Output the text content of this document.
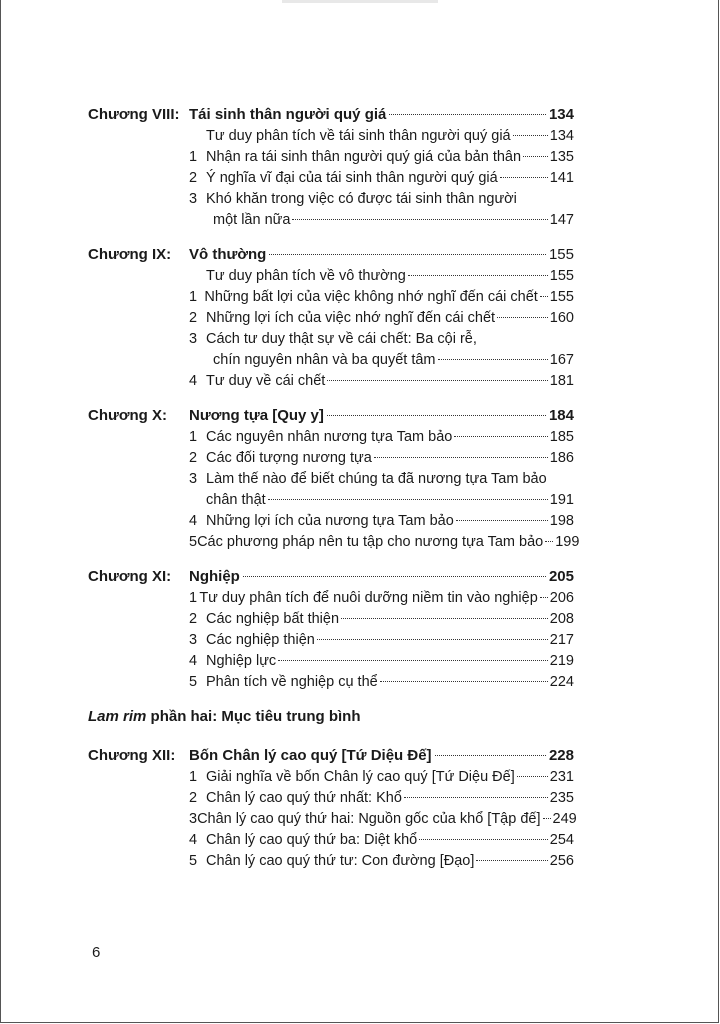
Chương VIII: Tái sinh thân người quý giá	134
Tư duy phân tích về tái sinh thân người quý giá	134
1 Nhận ra tái sinh thân người quý giá của bản thân 135
2 Ý nghĩa vĩ đại của tái sinh thân người quý giá	141
3 Khó khăn trong việc có được tái sinh thân người
một lần nữa	147
Chương IX:	Vô thường	155
Tư duy phân tích về vô thường	155
1 Những bất lợi của việc không nhớ nghĩ đến cái chết 155
2 Những lợi ích của việc nhớ nghĩ đến cái chết	160
3 Cách tư duy thật sự về cái chết: Ba cội rễ,
chín nguyên nhân và ba quyết tâm	167
4 Tư duy về cái chết	181
Chương X:	Nương tựa [Quy y]	184
1 Các nguyên nhân nương tựa Tam bảo	185
2 Các đối tượng nương tựa	186
3 Làm thế nào để biết chúng ta đã nương tựa Tam bảo
chân thật	191
4 Những lợi ích của nương tựa Tam bảo	198
5 Các phương pháp nên tu tập cho nương tựa Tam bảo 199
Chương XI:	Nghiệp	205
1 Tư duy phân tích để nuôi dưỡng niềm tin vào nghiệp 206
2 Các nghiệp bất thiện	208
3 Các nghiệp thiện	217
4 Nghiệp lực	219
5 Phân tích về nghiệp cụ thể	224
Lam rim phần hai: Mục tiêu trung bình
Chương XII: Bốn Chân lý cao quý [Tứ Diệu Đế]	228
1 Giải nghĩa về bốn Chân lý cao quý [Tứ Diệu Đế] 231
2 Chân lý cao quý thứ nhất: Khổ	235
3 Chân lý cao quý thứ hai: Nguồn gốc của khổ [Tập đế] 249
4 Chân lý cao quý thứ ba: Diệt khổ	254
5 Chân lý cao quý thứ tư: Con đường [Đạo]	256
6
